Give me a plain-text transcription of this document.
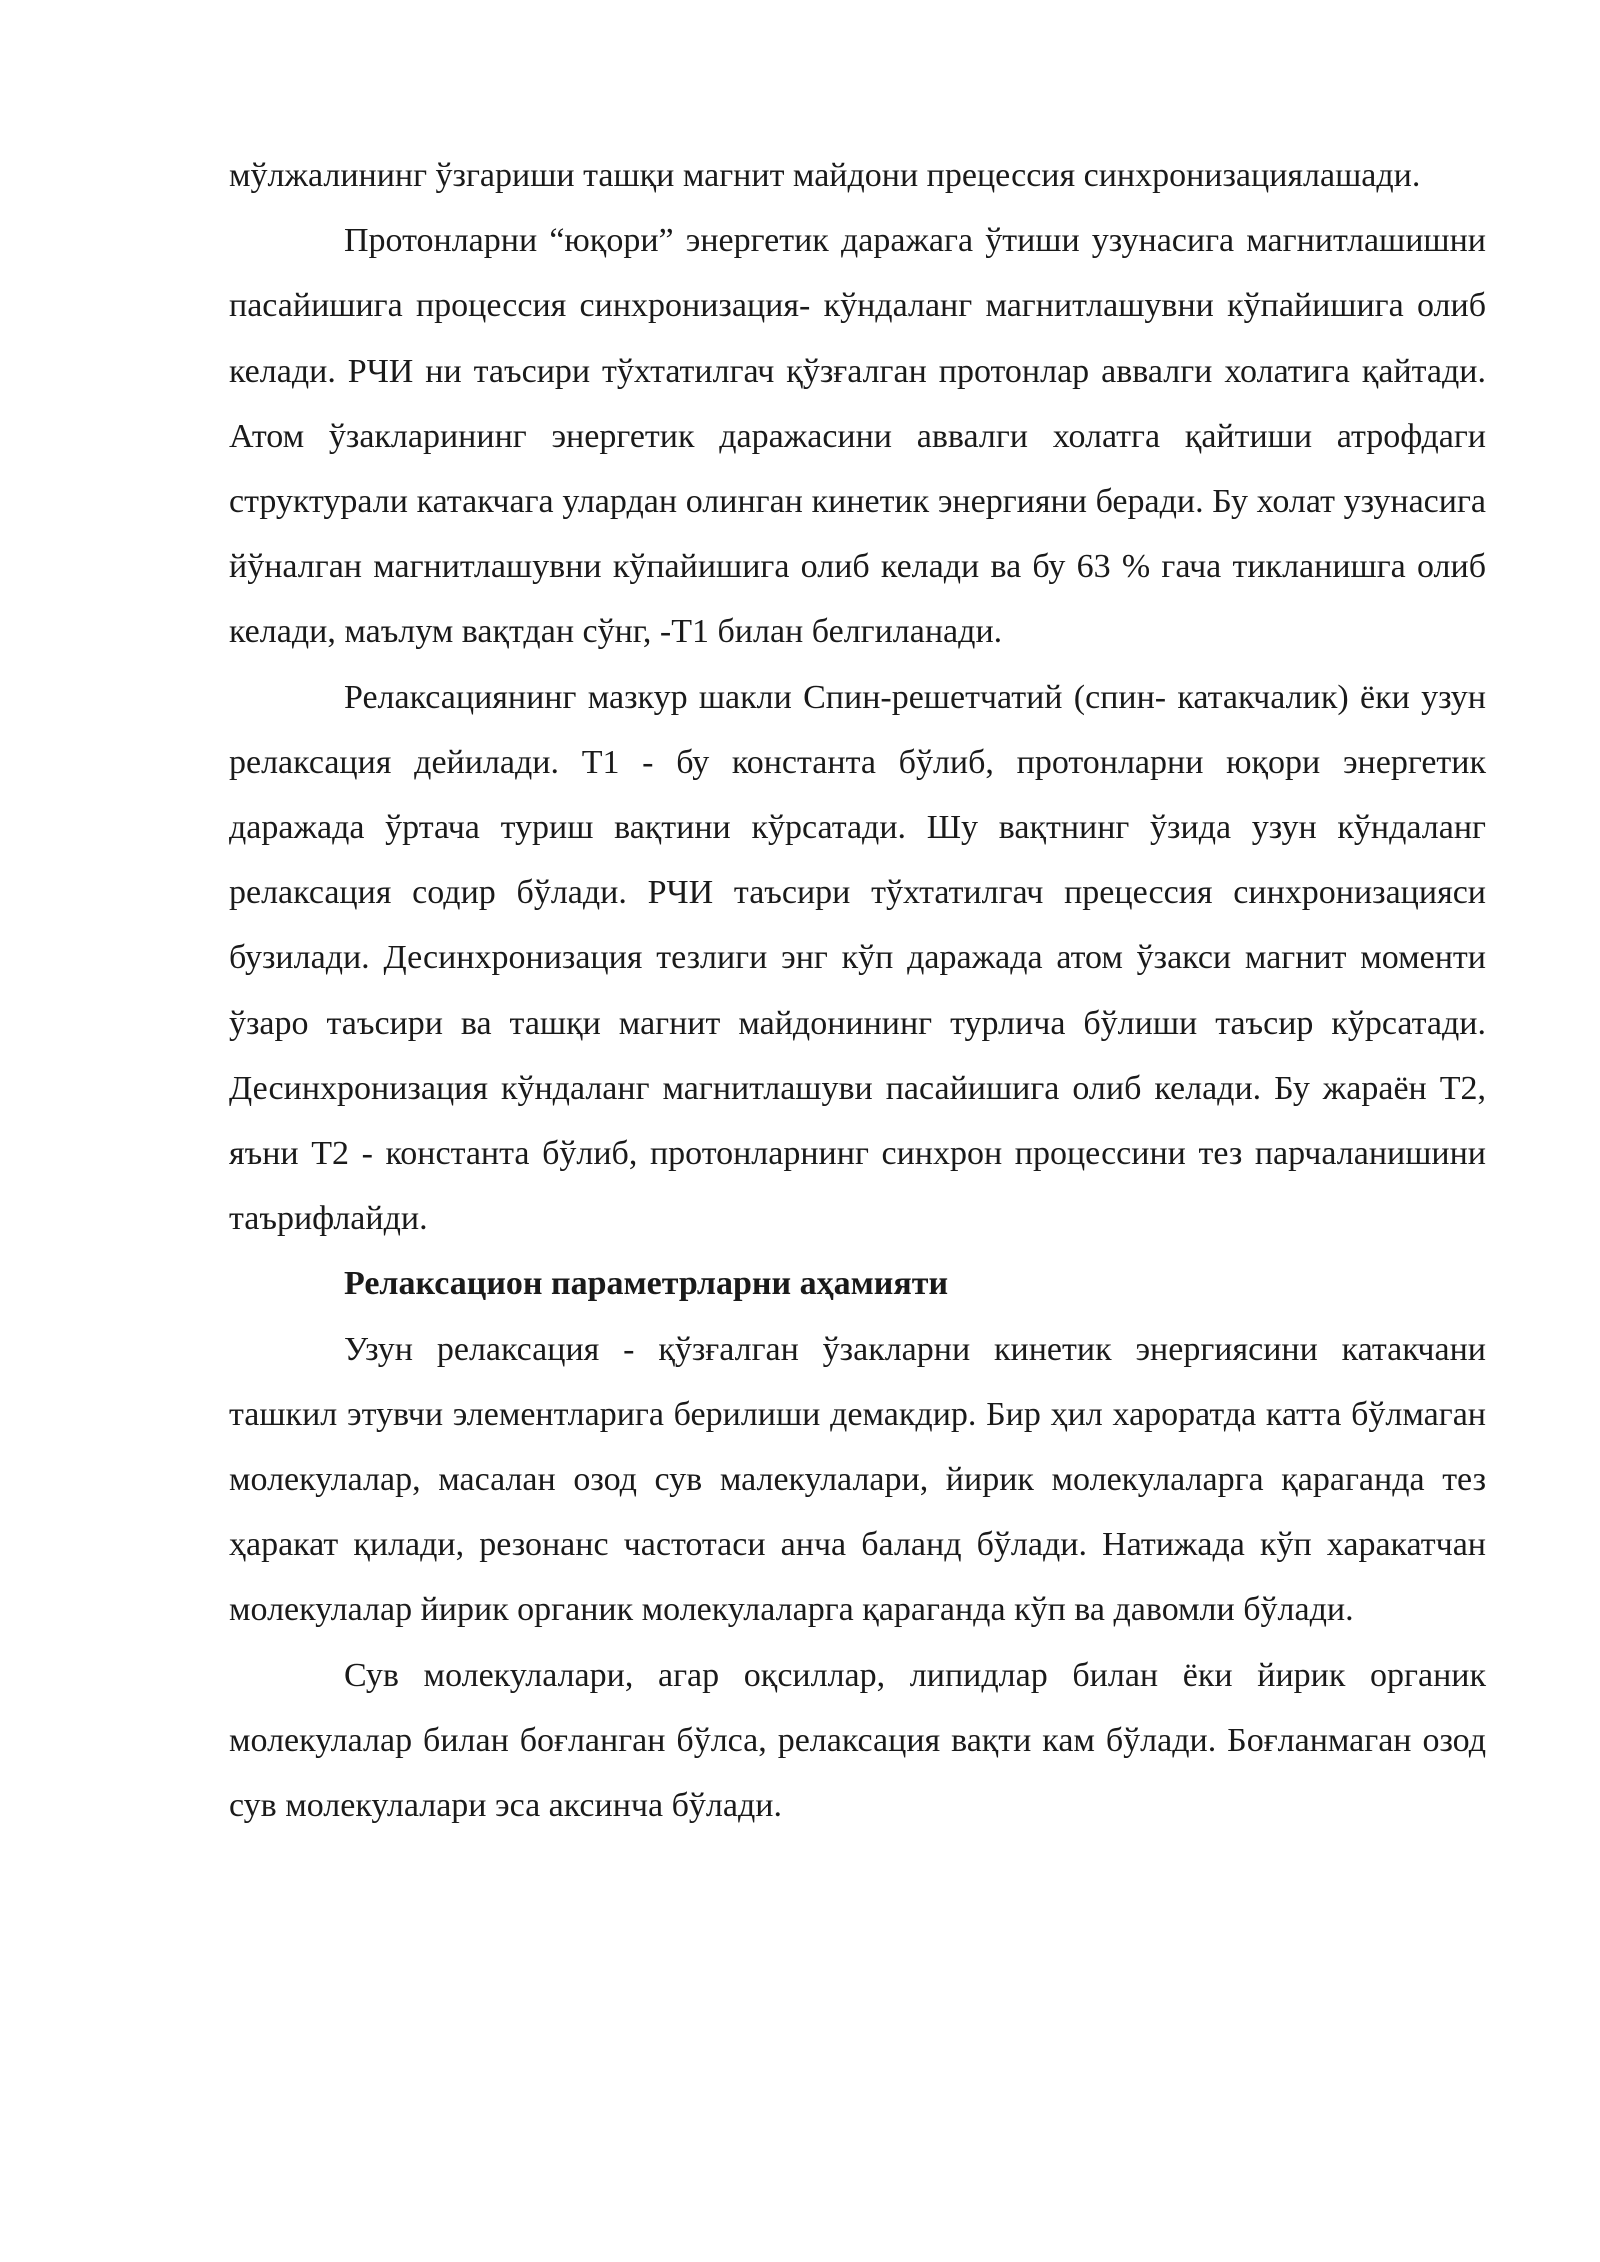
мўлжалининг ўзгариши ташқи магнит майдони прецессия синхронизациялашади.

Протонларни “юқори” энергетик даражага ўтиши узунасига магнитлашишни пасайишига процессия синхронизация- кўндаланг магнитлашувни кўпайишига олиб келади. РЧИ ни таъсири тўхтатилгач қўзғалган протонлар аввалги холатига қайтади. Атом ўзакларининг энергетик даражасини аввалги холатга қайтиши атрофдаги структурали катакчага улардан олинган кинетик энергияни беради. Бу холат узунасига йўналган магнитлашувни кўпайишига олиб келади ва бу 63 % гача тикланишга олиб келади, маълум вақтдан сўнг, -Т1 билан белгиланади.

Релаксациянинг мазкур шакли Спин-решетчатий (спин- катакчалик) ёки узун релаксация дейилади. Т1 - бу константа бўлиб, протонларни юқори энергетик даражада ўртача туриш вақтини кўрсатади. Шу вақтнинг ўзида узун кўндаланг релаксация содир бўлади. РЧИ таъсири тўхтатилгач прецессия синхронизацияси бузилади. Десинхронизация тезлиги энг кўп даражада атом ўзакси магнит моменти ўзаро таъсири ва ташқи магнит майдонининг турлича бўлиши таъсир кўрсатади. Десинхронизация кўндаланг магнитлашуви пасайишига олиб келади. Бу жараён Т2, яъни Т2 - константа бўлиб, протонларнинг синхрон процессини тез парчаланишини таърифлайди.

Релаксацион параметрларни аҳамияти

Узун релаксация - қўзғалган ўзакларни кинетик энергиясини катакчани ташкил этувчи элементларига берилиши демакдир. Бир ҳил хароратда катта бўлмаган молекулалар, масалан озод сув малекулалари, йирик молекулаларга қараганда тез ҳаракат қилади, резонанс частотаси анча баланд бўлади. Натижада кўп харакатчан молекулалар йирик органик молекулаларга қараганда кўп ва давомли бўлади.

Сув молекулалари, агар оқсиллар, липидлар билан ёки йирик органик молекулалар билан боғланган бўлса, релаксация вақти кам бўлади. Боғланмаган озод сув молекулалари эса аксинча бўлади.
